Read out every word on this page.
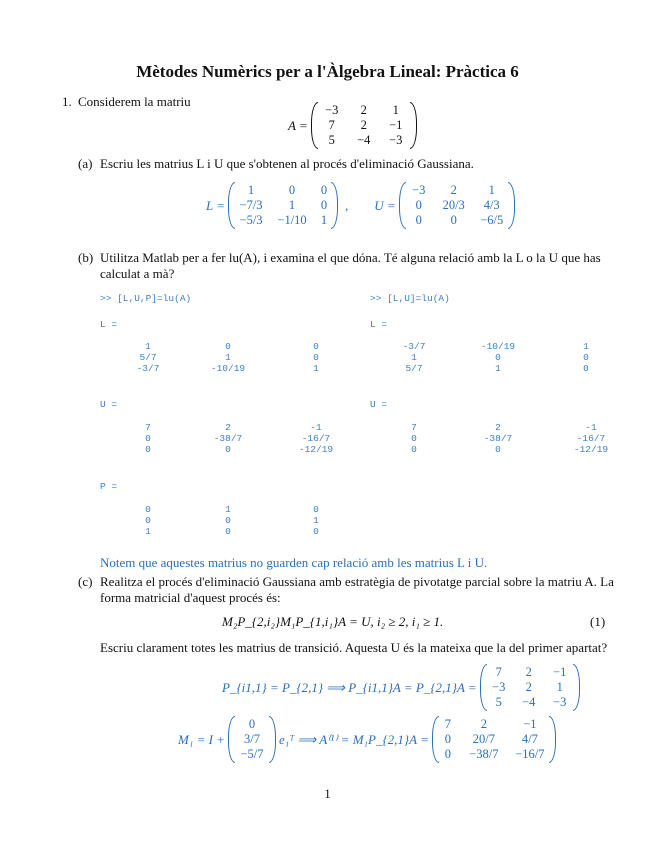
Mètodes Numèrics per a l'Àlgebra Lineal: Pràctica 6
1. Considerem la matriu
A =
−3	2	1
7	2	−1
5	−4	−3
(a) Escriu les matrius L i U que s'obtenen al procés d'eliminació Gaussiana.
L =
1	0	0
−7/3	1	0
−5/3 −1/10 1
, U =
−3	2	1
0	20/3	4/3
0	0	−6/5
(b) Utilitza Matlab per a fer lu(A), i examina el que dóna. Té alguna relació amb la L o la U que has
calculat a mà?
>> [L,U,P]=lu(A)
L =
1	0	0
5/7	1	0
-3/7	-10/19	1
U =
7	2	-1
0	-38/7	-16/7
0	0	-12/19
P =
0	1	0
0	0	1
1	0	0
>> [L,U]=lu(A)
L =
-3/7	-10/19	1
1	0	0
5/7	1	0
U =
7	2	-1
0	-38/7	-16/7
0	0	-12/19
Notem que aquestes matrius no guarden cap relació amb les matrius L i U.
(c) Realitza el procés d'eliminació Gaussiana amb estratègia de pivotatge parcial sobre la matriu A. La
forma matricial d'aquest procés és:
M₂P_{2,i₂}M₁P_{1,i₁}A = U, i₂ ≥ 2, i₁ ≥ 1.	(1)
Escriu clarament totes les matrius de transició. Aquesta U és la mateixa que la del primer apartat?
P_{i1,1} = P_{2,1} ⟹ P_{i1,1}A = P_{2,1}A =
7	2	−1
−3	2	1
5	−4	−3
M₁ = I +
0
3/7
−5/7
e₁ᵀ ⟹ A⁽¹⁾ = M₁P_{2,1}A =
7	2	−1
0	20/7	4/7
0	−38/7	−16/7
1
